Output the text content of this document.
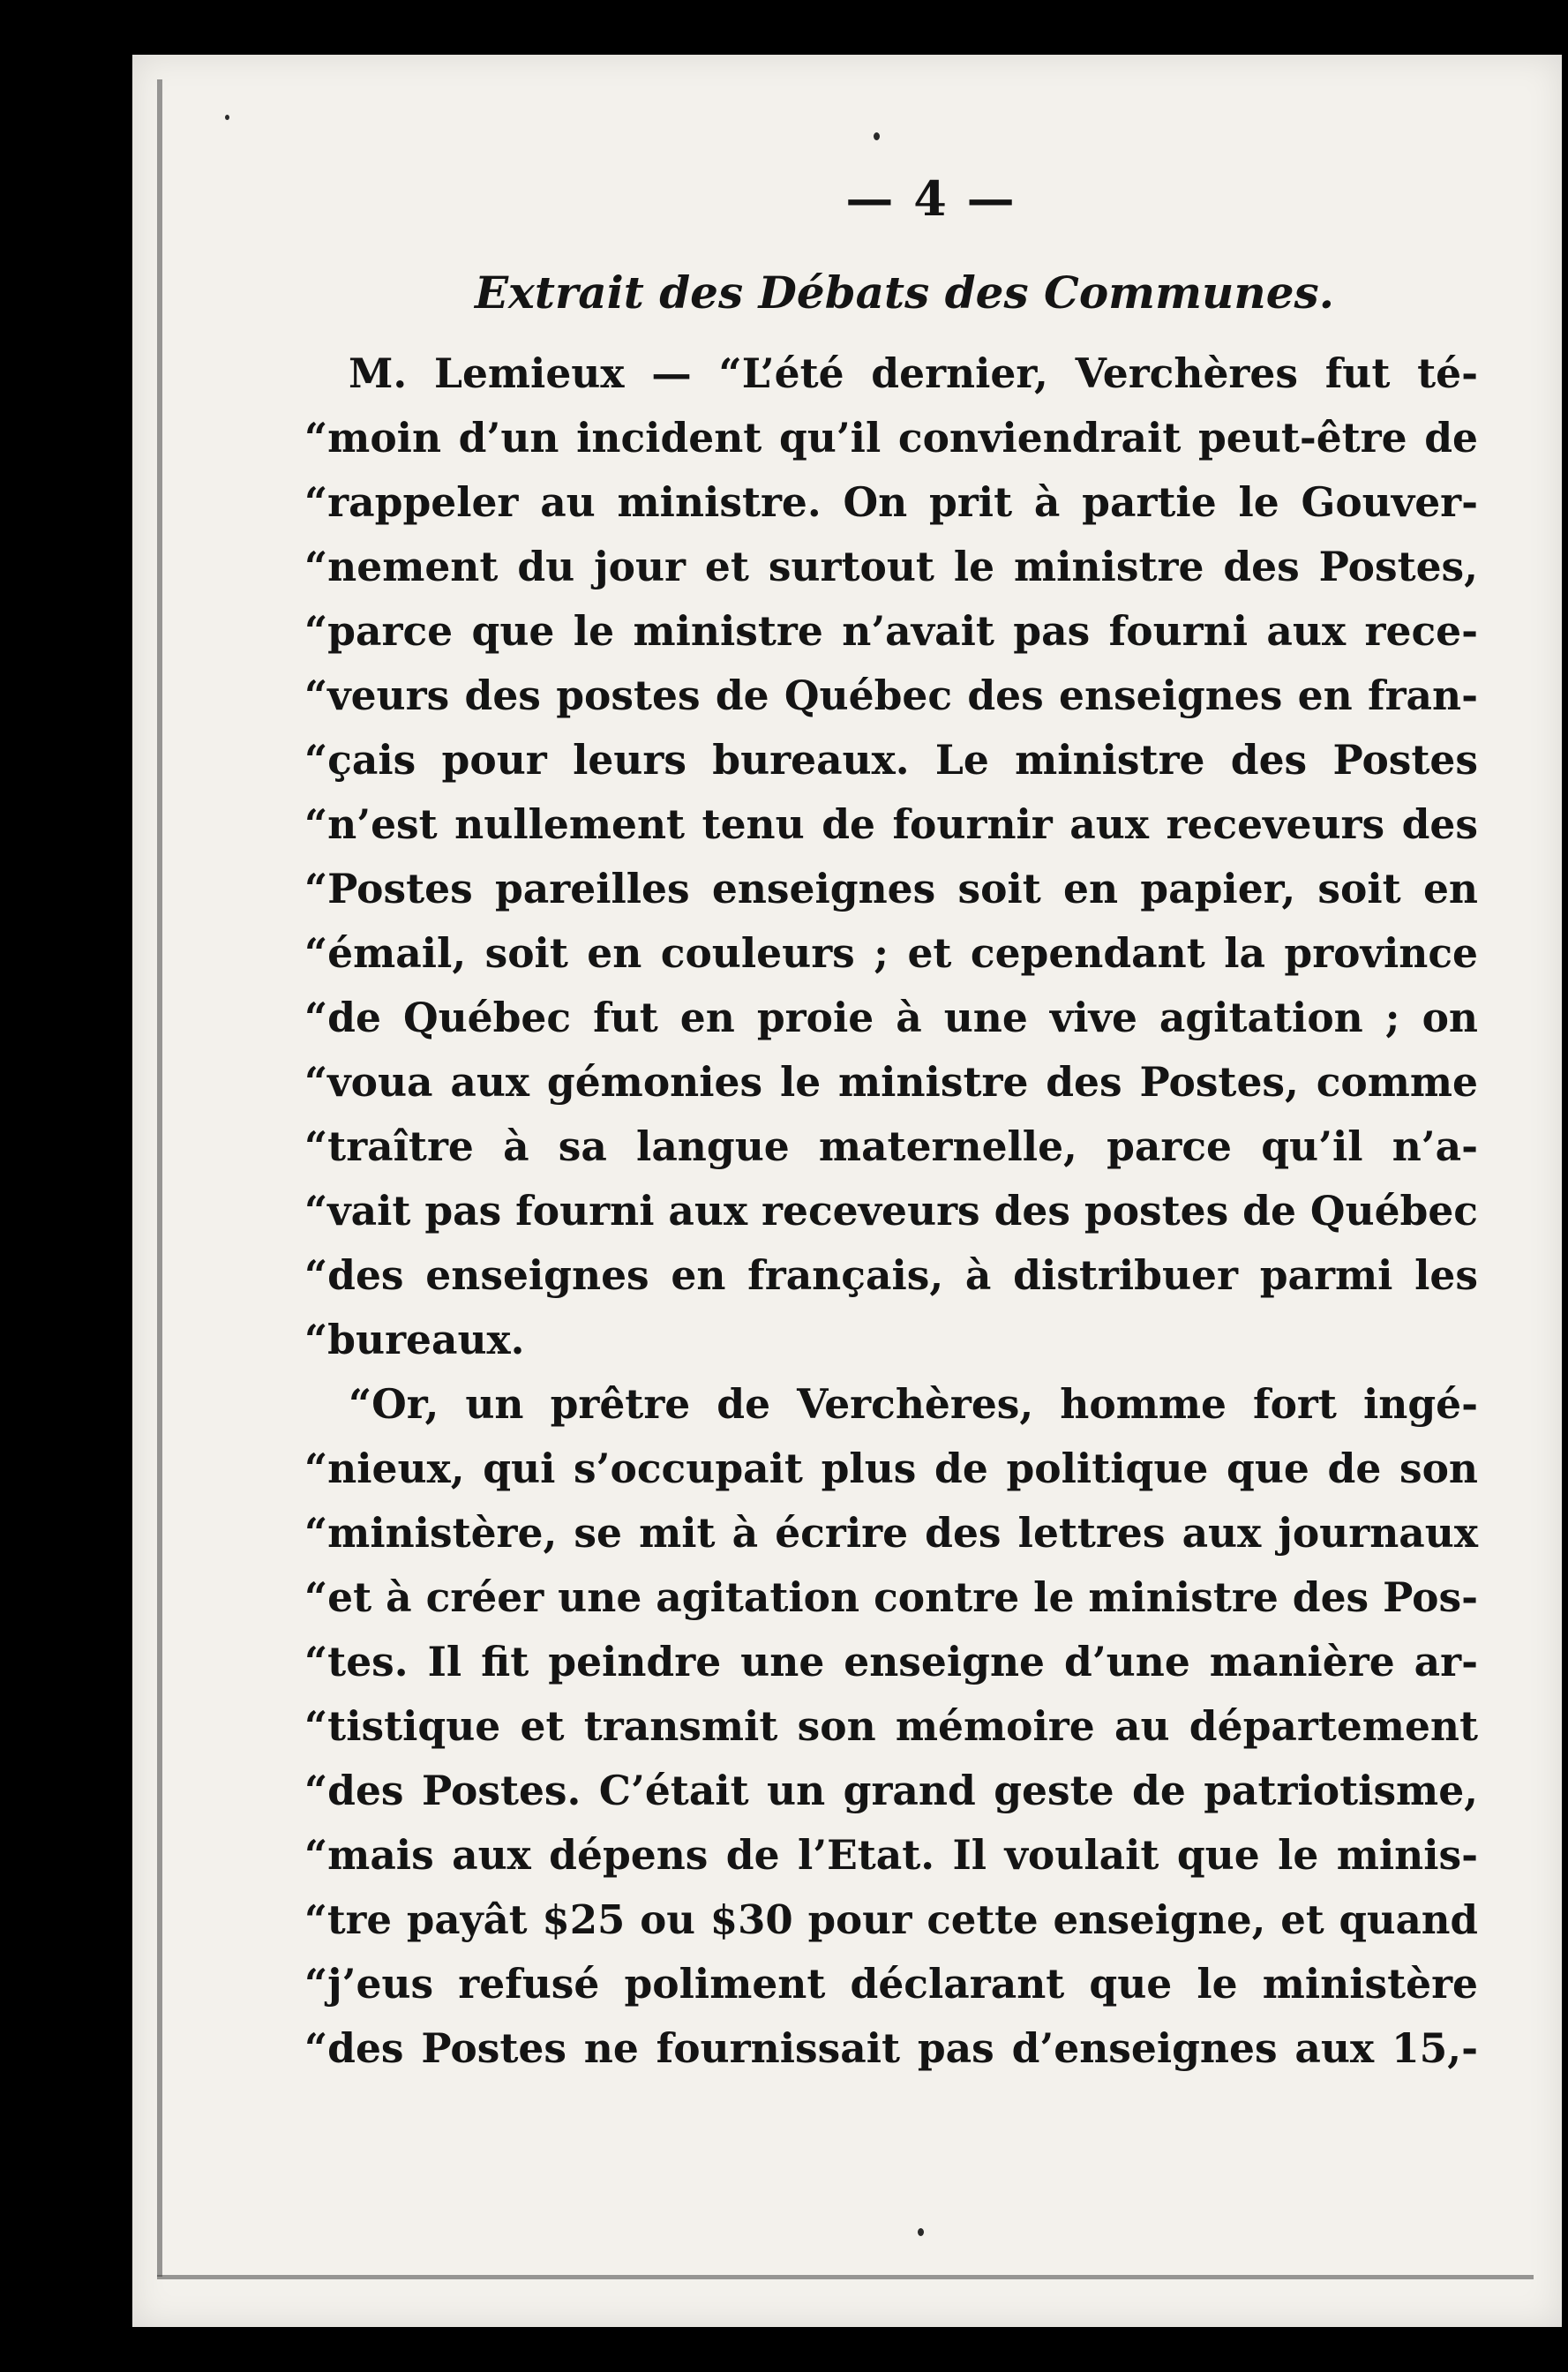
— 4 —
Extrait des Débats des Communes.
M. Lemieux — “L’été dernier, Verchères fut té-
“moin d’un incident qu’il conviendrait peut-être de
“rappeler au ministre. On prit à partie le Gouver-
“nement du jour et surtout le ministre des Postes,
“parce que le ministre n’avait pas fourni aux rece-
“veurs des postes de Québec des enseignes en fran-
“çais pour leurs bureaux. Le ministre des Postes
“n’est nullement tenu de fournir aux receveurs des
“Postes pareilles enseignes soit en papier, soit en
“émail, soit en couleurs ; et cependant la province
“de Québec fut en proie à une vive agitation ; on
“voua aux gémonies le ministre des Postes, comme
“traître à sa langue maternelle, parce qu’il n’a-
“vait pas fourni aux receveurs des postes de Québec
“des enseignes en français, à distribuer parmi les
“bureaux.
“Or, un prêtre de Verchères, homme fort ingé-
“nieux, qui s’occupait plus de politique que de son
“ministère, se mit à écrire des lettres aux journaux
“et à créer une agitation contre le ministre des Pos-
“tes. Il fit peindre une enseigne d’une manière ar-
“tistique et transmit son mémoire au département
“des Postes. C’était un grand geste de patriotisme,
“mais aux dépens de l’Etat. Il voulait que le minis-
“tre payât $25 ou $30 pour cette enseigne, et quand
“j’eus refusé poliment déclarant que le ministère
“des Postes ne fournissait pas d’enseignes aux 15,-
